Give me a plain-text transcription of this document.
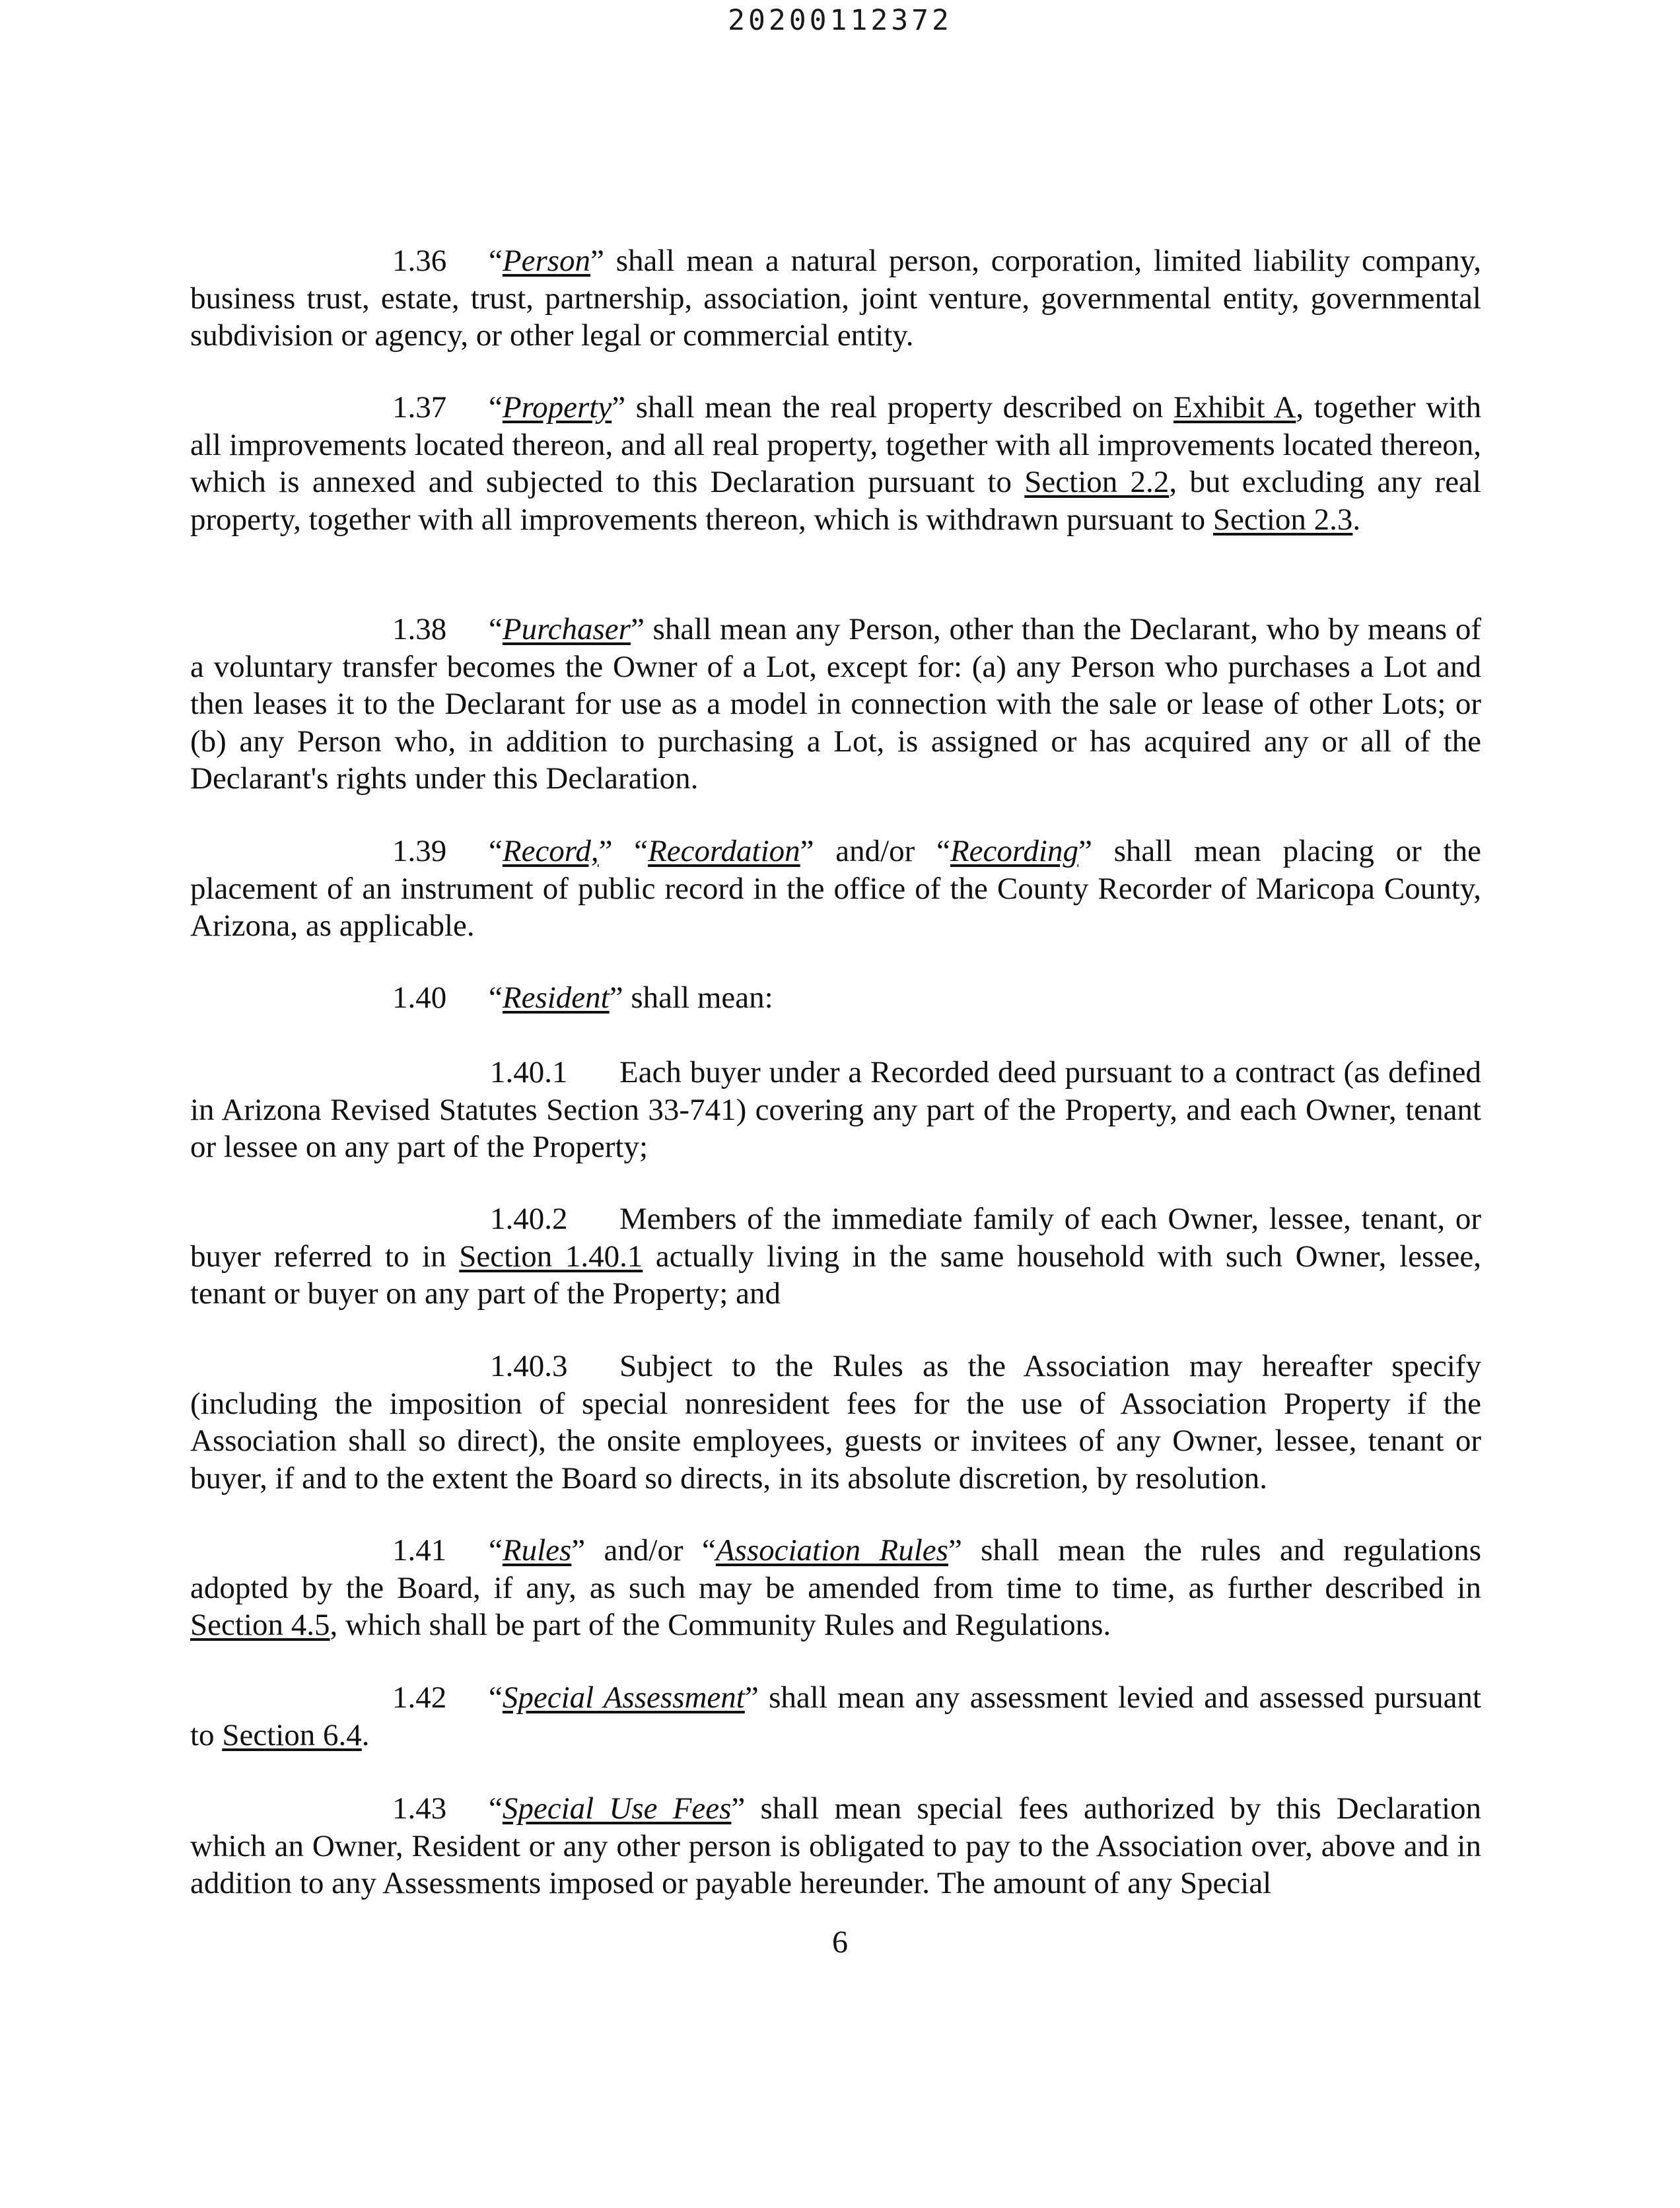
20200112372

1.36 “Person” shall mean a natural person, corporation, limited liability company, business trust, estate, trust, partnership, association, joint venture, governmental entity, governmental subdivision or agency, or other legal or commercial entity.

1.37 “Property” shall mean the real property described on Exhibit A, together with all improvements located thereon, and all real property, together with all improvements located thereon, which is annexed and subjected to this Declaration pursuant to Section 2.2, but excluding any real property, together with all improvements thereon, which is withdrawn pursuant to Section 2.3.

1.38 “Purchaser” shall mean any Person, other than the Declarant, who by means of a voluntary transfer becomes the Owner of a Lot, except for: (a) any Person who purchases a Lot and then leases it to the Declarant for use as a model in connection with the sale or lease of other Lots; or (b) any Person who, in addition to purchasing a Lot, is assigned or has acquired any or all of the Declarant's rights under this Declaration.

1.39 “Record,” “Recordation” and/or “Recording” shall mean placing or the placement of an instrument of public record in the office of the County Recorder of Maricopa County, Arizona, as applicable.

1.40 “Resident” shall mean:

1.40.1 Each buyer under a Recorded deed pursuant to a contract (as defined in Arizona Revised Statutes Section 33-741) covering any part of the Property, and each Owner, tenant or lessee on any part of the Property;

1.40.2 Members of the immediate family of each Owner, lessee, tenant, or buyer referred to in Section 1.40.1 actually living in the same household with such Owner, lessee, tenant or buyer on any part of the Property; and

1.40.3 Subject to the Rules as the Association may hereafter specify (including the imposition of special nonresident fees for the use of Association Property if the Association shall so direct), the onsite employees, guests or invitees of any Owner, lessee, tenant or buyer, if and to the extent the Board so directs, in its absolute discretion, by resolution.

1.41 “Rules” and/or “Association Rules” shall mean the rules and regulations adopted by the Board, if any, as such may be amended from time to time, as further described in Section 4.5, which shall be part of the Community Rules and Regulations.

1.42 “Special Assessment” shall mean any assessment levied and assessed pursuant to Section 6.4.

1.43 “Special Use Fees” shall mean special fees authorized by this Declaration which an Owner, Resident or any other person is obligated to pay to the Association over, above and in addition to any Assessments imposed or payable hereunder. The amount of any Special

6
